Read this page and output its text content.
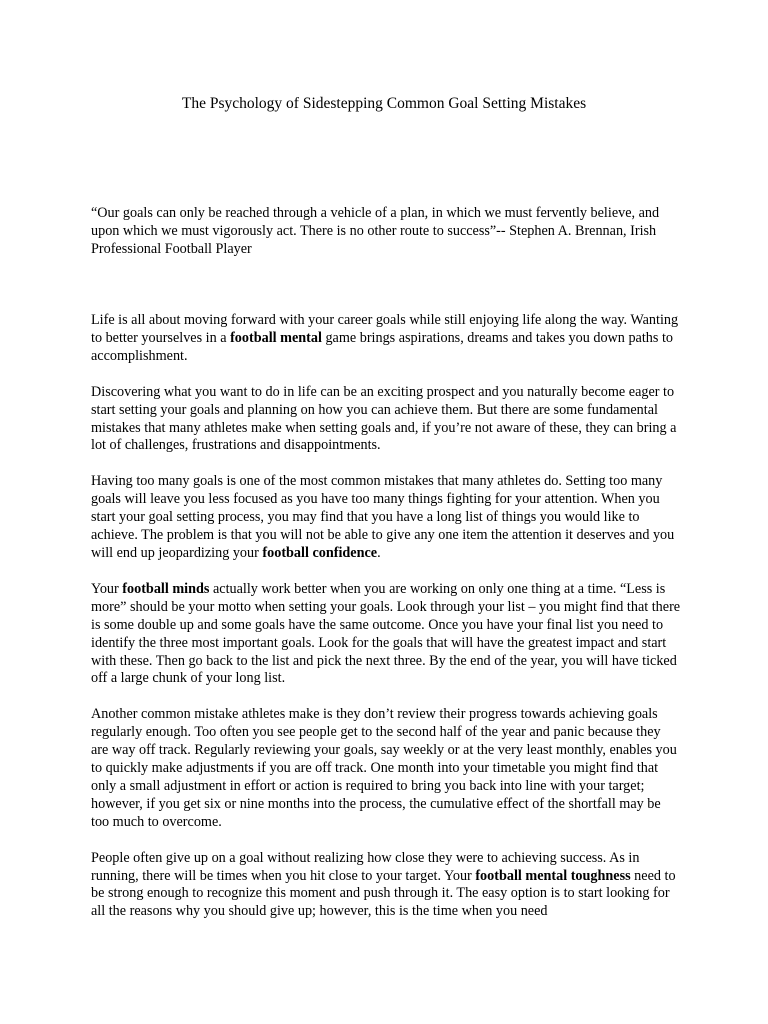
The Psychology of Sidestepping Common Goal Setting Mistakes

“Our goals can only be reached through a vehicle of a plan, in which we must fervently believe, and upon which we must vigorously act. There is no other route to success”-- Stephen A. Brennan, Irish Professional Football Player

Life is all about moving forward with your career goals while still enjoying life along the way. Wanting to better yourselves in a football mental game brings aspirations, dreams and takes you down paths to accomplishment.

Discovering what you want to do in life can be an exciting prospect and you naturally become eager to start setting your goals and planning on how you can achieve them. But there are some fundamental mistakes that many athletes make when setting goals and, if you’re not aware of these, they can bring a lot of challenges, frustrations and disappointments.

Having too many goals is one of the most common mistakes that many athletes do. Setting too many goals will leave you less focused as you have too many things fighting for your attention. When you start your goal setting process, you may find that you have a long list of things you would like to achieve. The problem is that you will not be able to give any one item the attention it deserves and you will end up jeopardizing your football confidence.

Your football minds actually work better when you are working on only one thing at a time. “Less is more” should be your motto when setting your goals. Look through your list – you might find that there is some double up and some goals have the same outcome. Once you have your final list you need to identify the three most important goals. Look for the goals that will have the greatest impact and start with these. Then go back to the list and pick the next three. By the end of the year, you will have ticked off a large chunk of your long list.

Another common mistake athletes make is they don’t review their progress towards achieving goals regularly enough. Too often you see people get to the second half of the year and panic because they are way off track. Regularly reviewing your goals, say weekly or at the very least monthly, enables you to quickly make adjustments if you are off track. One month into your timetable you might find that only a small adjustment in effort or action is required to bring you back into line with your target; however, if you get six or nine months into the process, the cumulative effect of the shortfall may be too much to overcome.

People often give up on a goal without realizing how close they were to achieving success. As in running, there will be times when you hit close to your target. Your football mental toughness need to be strong enough to recognize this moment and push through it. The easy option is to start looking for all the reasons why you should give up; however, this is the time when you need
